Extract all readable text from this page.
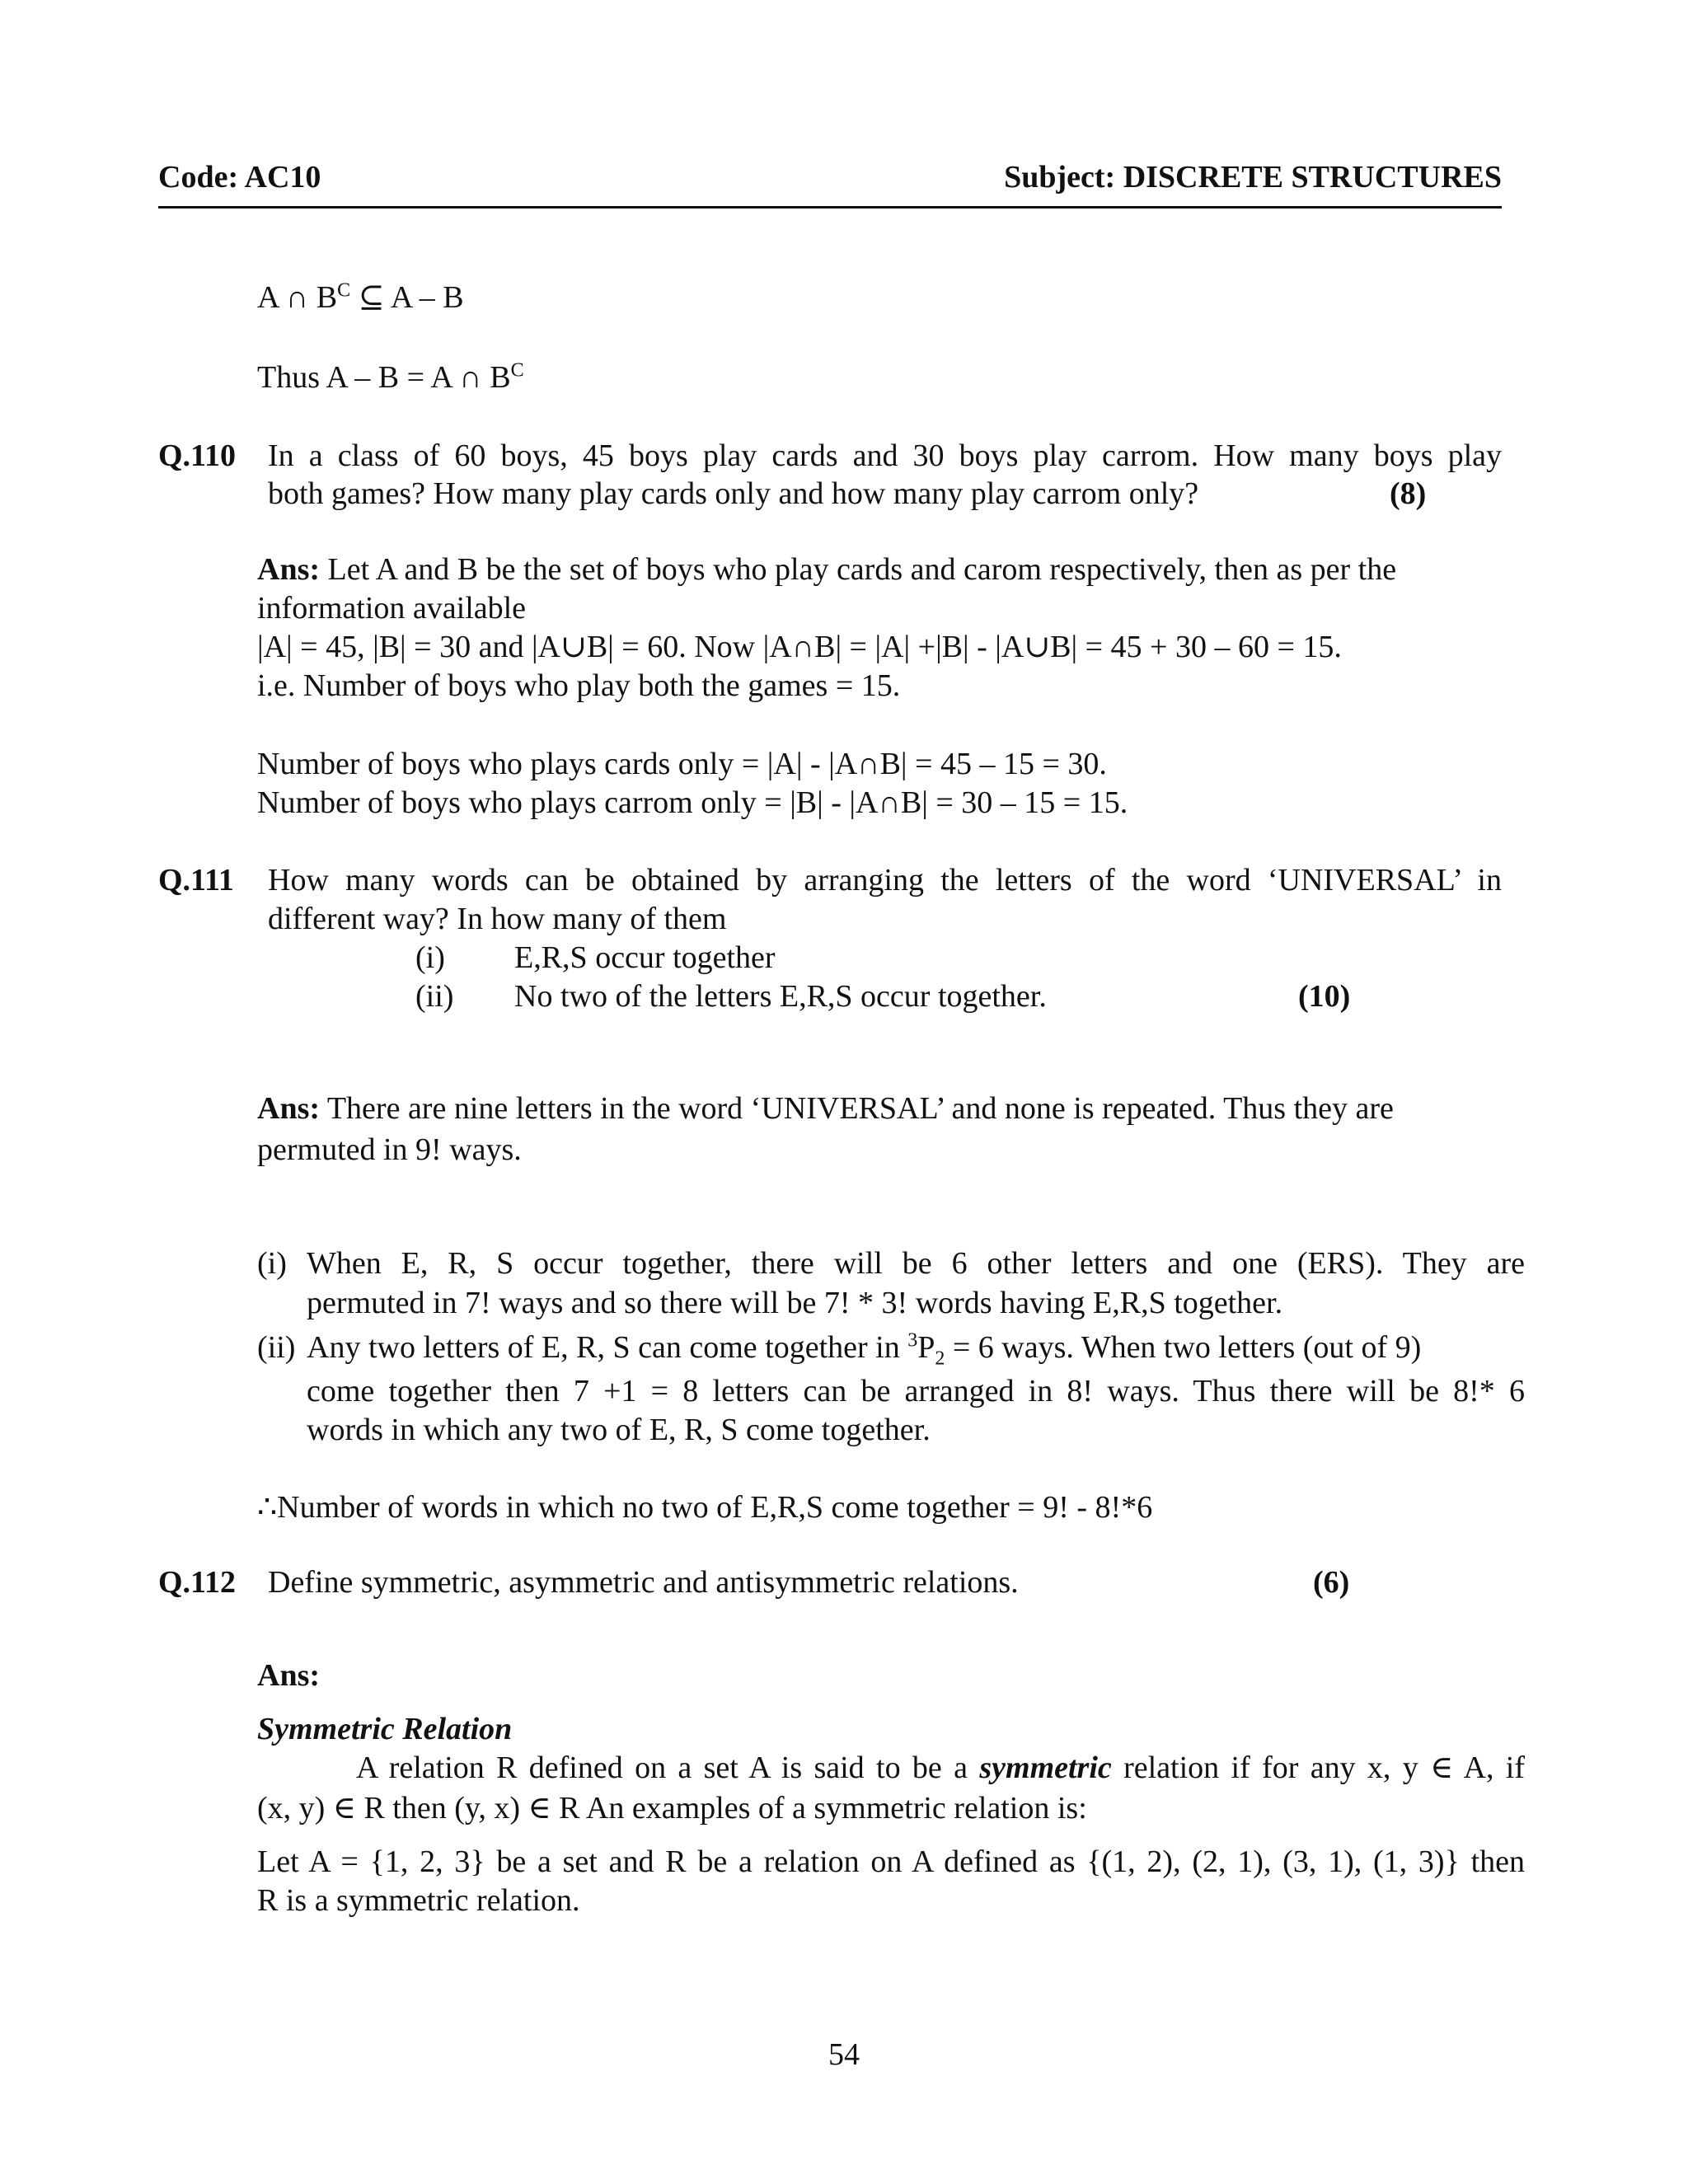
Code: AC10	Subject: DISCRETE STRUCTURES
A ∩ $B^C$ ⊆ A – B
Thus A – B = A ∩ $B^C$
Q.110 In a class of 60 boys, 45 boys play cards and 30 boys play carrom. How many boys play
both games? How many play cards only and how many play carrom only?	(8)
Ans: Let A and B be the set of boys who play cards and carom respectively, then as per the
information available
|A| = 45, |B| = 30 and |A∪B| = 60. Now |A∩B| = |A| +|B| - |A∪B| = 45 + 30 – 60 = 15.
i.e. Number of boys who play both the games = 15.
Number of boys who plays cards only = |A| - |A∩B| = 45 – 15 = 30.
Number of boys who plays carrom only = |B| - |A∩B| = 30 – 15 = 15.
Q.111 How many words can be obtained by arranging the letters of the word ‘UNIVERSAL’ in
different way? In how many of them
(i) E,R,S occur together
(ii) No two of the letters E,R,S occur together.	(10)
Ans: There are nine letters in the word ‘UNIVERSAL’ and none is repeated. Thus they are
permuted in 9! ways.
(i) When E, R, S occur together, there will be 6 other letters and one (ERS). They are
permuted in 7! ways and so there will be 7! * 3! words having E,R,S together.
(ii) Any two letters of E, R, S can come together in $^3P_2 = 6$ ways. When two letters (out of 9)
come together then 7 +1 = 8 letters can be arranged in 8! ways. Thus there will be 8!* 6
words in which any two of E, R, S come together.
∴Number of words in which no two of E,R,S come together = 9! - 8!*6
Q.112 Define symmetric, asymmetric and antisymmetric relations.	(6)
Ans:
Symmetric Relation
A relation R defined on a set A is said to be a symmetric relation if for any x, y ∈ A, if
(x, y) ∈ R then (y, x) ∈ R An examples of a symmetric relation is:
Let A = {1, 2, 3} be a set and R be a relation on A defined as {(1, 2), (2, 1), (3, 1), (1, 3)} then
R is a symmetric relation.
54
